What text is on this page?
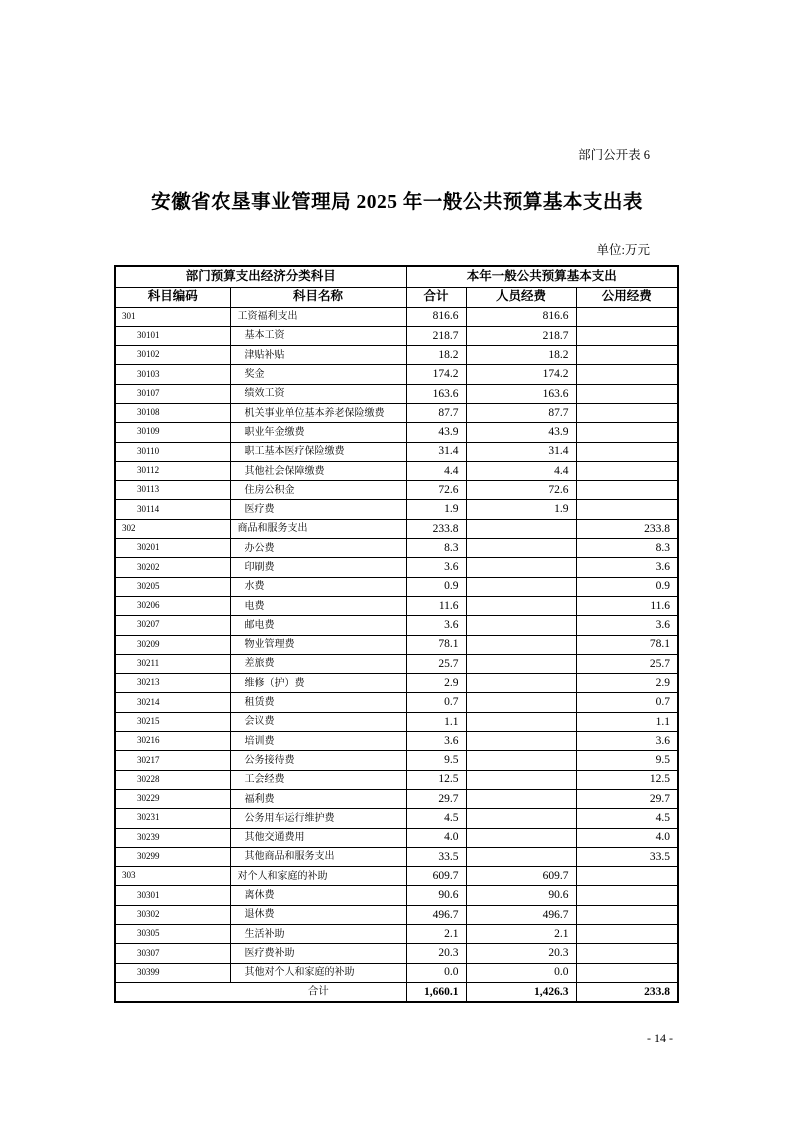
部门公开表 6
安徽省农垦事业管理局 2025 年一般公共预算基本支出表
单位:万元
部门预算支出经济分类科目		本年一般公共预算基本支出		
科目编码	科目名称	合计	人员经费	公用经费
301	工资福利支出	816.6	816.6	
30101	基本工资	218.7	218.7	
30102	津贴补贴	18.2	18.2	
30103	奖金	174.2	174.2	
30107	绩效工资	163.6	163.6	
30108	机关事业单位基本养老保险缴费	87.7	87.7	
30109	职业年金缴费	43.9	43.9	
30110	职工基本医疗保险缴费	31.4	31.4	
30112	其他社会保障缴费	4.4	4.4	
30113	住房公积金	72.6	72.6	
30114	医疗费	1.9	1.9	
302	商品和服务支出	233.8		233.8
30201	办公费	8.3		8.3
30202	印刷费	3.6		3.6
30205	水费	0.9		0.9
30206	电费	11.6		11.6
30207	邮电费	3.6		3.6
30209	物业管理费	78.1		78.1
30211	差旅费	25.7		25.7
30213	维修（护）费	2.9		2.9
30214	租赁费	0.7		0.7
30215	会议费	1.1		1.1
30216	培训费	3.6		3.6
30217	公务接待费	9.5		9.5
30228	工会经费	12.5		12.5
30229	福利费	29.7		29.7
30231	公务用车运行维护费	4.5		4.5
30239	其他交通费用	4.0		4.0
30299	其他商品和服务支出	33.5		33.5
303	对个人和家庭的补助	609.7	609.7	
30301	离休费	90.6	90.6	
30302	退休费	496.7	496.7	
30305	生活补助	2.1	2.1	
30307	医疗费补助	20.3	20.3	
30399	其他对个人和家庭的补助	0.0	0.0	
合计		1,660.1	1,426.3	233.8
- 14 -
